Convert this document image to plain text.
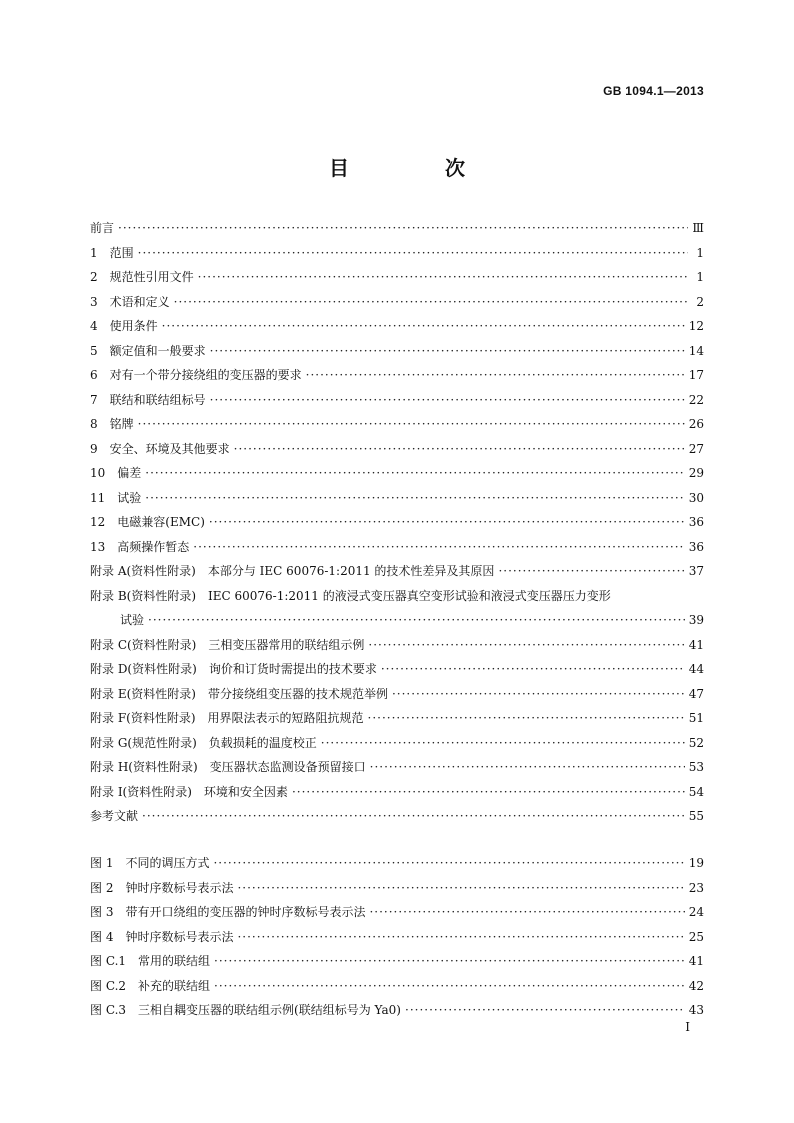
GB 1094.1—2013
目　次
前言 ·····	Ⅲ
1 范围 ·····	1
2 规范性引用文件 ·····	1
3 术语和定义 ·····	2
4 使用条件 ·····	12
5 额定值和一般要求 ·····	14
6 对有一个带分接绕组的变压器的要求 ·····	17
7 联结和联结组标号 ·····	22
8 铭牌 ·····	26
9 安全、环境及其他要求 ·····	27
10 偏差 ·····	29
11 试验 ·····	30
12 电磁兼容(EMC) ·····	36
13 高频操作暂态 ·····	36
附录 A(资料性附录) 本部分与 IEC 60076-1:2011 的技术性差异及其原因 ·····	37
附录 B(资料性附录) IEC 60076-1:2011 的液浸式变压器真空变形试验和液浸式变压器压力变形
试验 ·····	39
附录 C(资料性附录) 三相变压器常用的联结组示例 ·····	41
附录 D(资料性附录) 询价和订货时需提出的技术要求 ·····	44
附录 E(资料性附录) 带分接绕组变压器的技术规范举例 ·····	47
附录 F(资料性附录) 用界限法表示的短路阻抗规范 ·····	51
附录 G(规范性附录) 负载损耗的温度校正 ·····	52
附录 H(资料性附录) 变压器状态监测设备预留接口 ·····	53
附录 I(资料性附录) 环境和安全因素 ·····	54
参考文献 ·····	55
图 1 不同的调压方式 ·····	19
图 2 钟时序数标号表示法 ·····	23
图 3 带有开口绕组的变压器的钟时序数标号表示法 ·····	24
图 4 钟时序数标号表示法 ·····	25
图 C.1 常用的联结组 ·····	41
图 C.2 补充的联结组 ·····	42
图 C.3 三相自耦变压器的联结组示例(联结组标号为 Ya0) ·····	43
I
